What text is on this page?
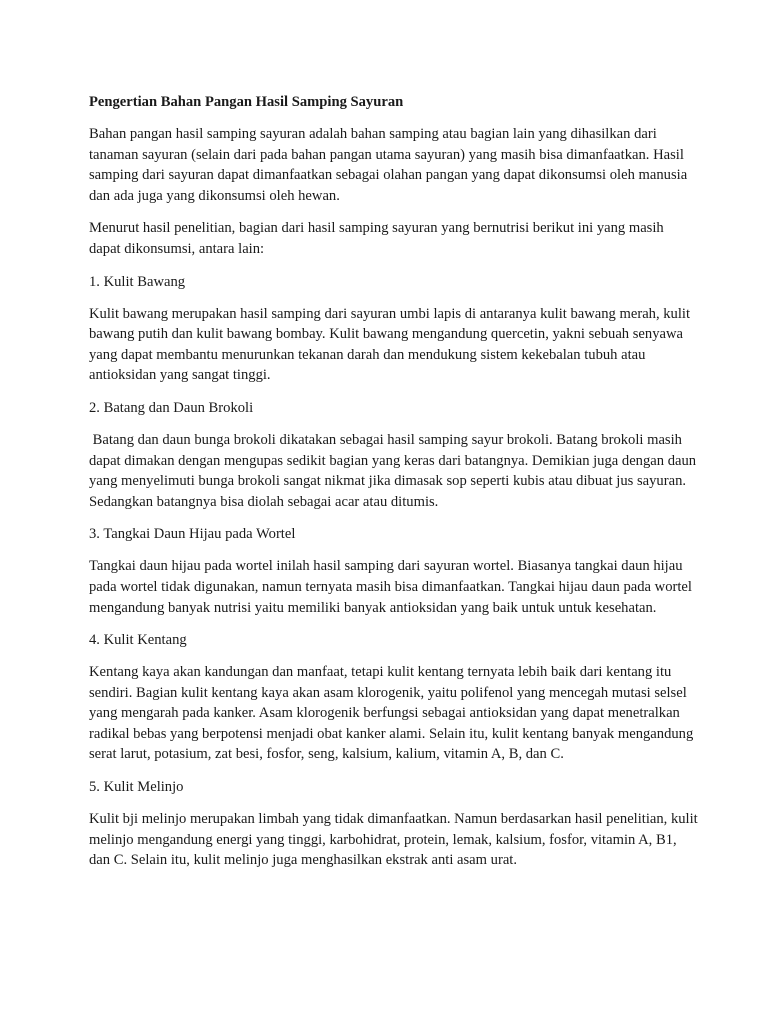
Pengertian Bahan Pangan Hasil Samping Sayuran
Bahan pangan hasil samping sayuran adalah bahan samping atau bagian lain yang dihasilkan dari tanaman sayuran (selain dari pada bahan pangan utama sayuran) yang masih bisa dimanfaatkan. Hasil samping dari sayuran dapat dimanfaatkan sebagai olahan pangan yang dapat dikonsumsi oleh manusia dan ada juga yang dikonsumsi oleh hewan.
Menurut hasil penelitian, bagian dari hasil samping sayuran yang bernutrisi berikut ini yang masih dapat dikonsumsi, antara lain:
1. Kulit Bawang
Kulit bawang merupakan hasil samping dari sayuran umbi lapis di antaranya kulit bawang merah, kulit bawang putih dan kulit bawang bombay. Kulit bawang mengandung quercetin, yakni sebuah senyawa yang dapat membantu menurunkan tekanan darah dan mendukung sistem kekebalan tubuh atau antioksidan yang sangat tinggi.
2. Batang dan Daun Brokoli
Batang dan daun bunga brokoli dikatakan sebagai hasil samping sayur brokoli. Batang brokoli masih dapat dimakan dengan mengupas sedikit bagian yang keras dari batangnya. Demikian juga dengan daun yang menyelimuti bunga brokoli sangat nikmat jika dimasak sop seperti kubis atau dibuat jus sayuran. Sedangkan batangnya bisa diolah sebagai acar atau ditumis.
3. Tangkai Daun Hijau pada Wortel
Tangkai daun hijau pada wortel inilah hasil samping dari sayuran wortel. Biasanya tangkai daun hijau pada wortel tidak digunakan, namun ternyata masih bisa dimanfaatkan. Tangkai hijau daun pada wortel mengandung banyak nutrisi yaitu memiliki banyak antioksidan yang baik untuk untuk kesehatan.
4. Kulit Kentang
Kentang kaya akan kandungan dan manfaat, tetapi kulit kentang ternyata lebih baik dari kentang itu sendiri. Bagian kulit kentang kaya akan asam klorogenik, yaitu polifenol yang mencegah mutasi selsel yang mengarah pada kanker. Asam klorogenik berfungsi sebagai antioksidan yang dapat menetralkan radikal bebas yang berpotensi menjadi obat kanker alami. Selain itu, kulit kentang banyak mengandung serat larut, potasium, zat besi, fosfor, seng, kalsium, kalium, vitamin A, B, dan C.
5. Kulit Melinjo
Kulit bji melinjo merupakan limbah yang tidak dimanfaatkan. Namun berdasarkan hasil penelitian, kulit melinjo mengandung energi yang tinggi, karbohidrat, protein, lemak, kalsium, fosfor, vitamin A, B1, dan C. Selain itu, kulit melinjo juga menghasilkan ekstrak anti asam urat.
